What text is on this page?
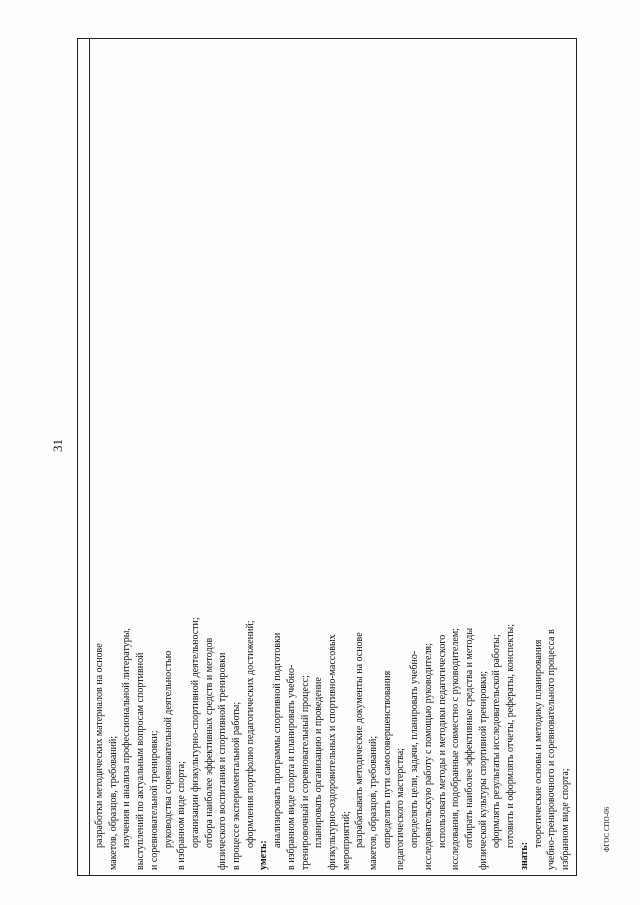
31
разработки методических материалов на основе макетов, образцов, требований; изучения и анализа профессиональной литературы, выступлений по актуальным вопросам спортивной и соревновательной тренировки; руководства соревновательной деятельностью в избранном виде спорта; организации физкультурно-спортивной деятельности; отбора наиболее эффективных средств и методов физического воспитания и спортивной тренировки в процессе экспериментальной работы; оформления портфолио педагогических достижений;
уметь:
анализировать программы спортивной подготовки в избранном виде спорта и планировать учебно- тренировочный и соревновательный процесс; планировать организацию и проведение физкультурно-оздоровительных и спортивно-массовых мероприятий; разрабатывать методические документы на основе макетов, образцов, требований; определять пути самосовершенствования педагогического мастерства; определять цели, задачи, планировать учебно- исследовательскую работу с помощью руководителя; использовать методы и методики педагогического исследования, подобранные совместно с руководителем; отбирать наиболее эффективные средства и методы физической культуры спортивной тренировки; оформлять результаты исследовательской работы; готовить и оформлять отчеты, рефераты, конспекты;
знать:
теоретические основы и методику планирования учебно-тренировочного и соревновательного процесса в избранном виде спорта;	ФГОС СПО-06
